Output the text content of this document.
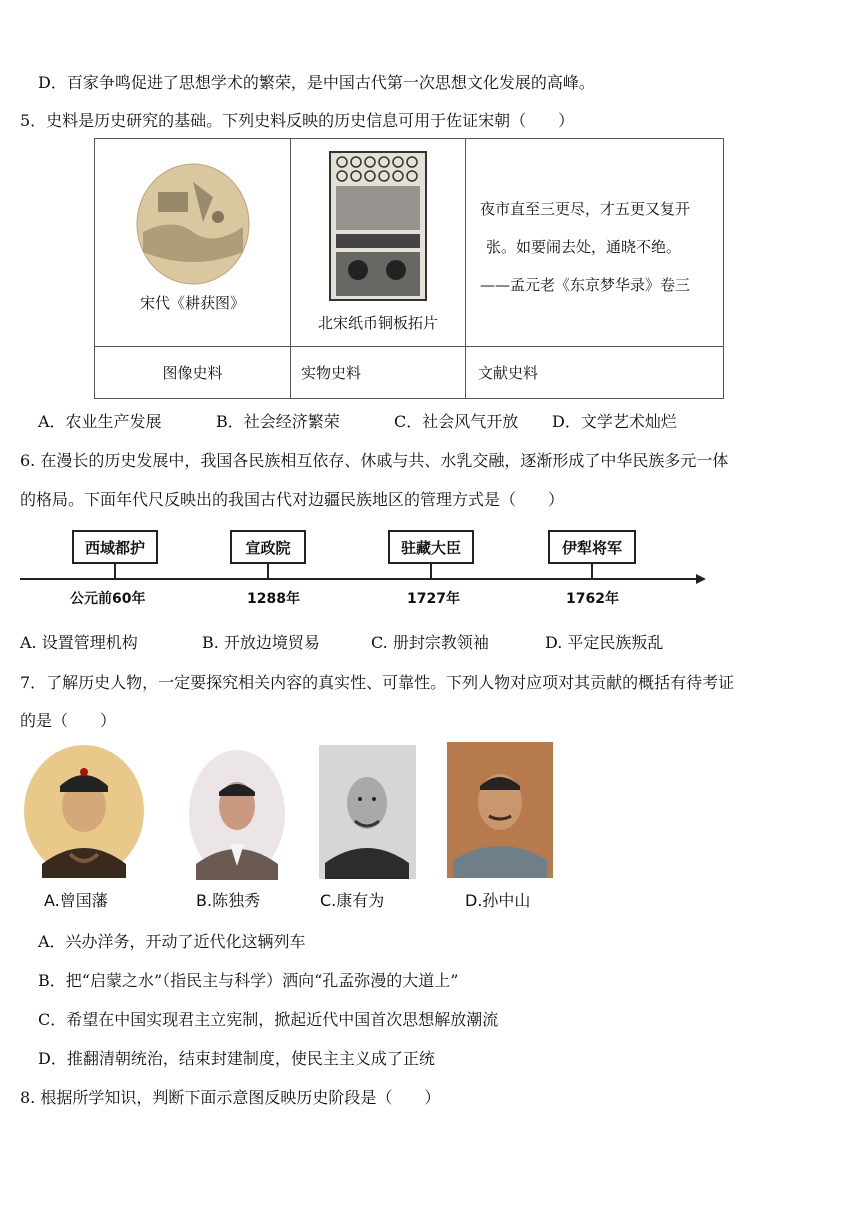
D．百家争鸣促进了思想学术的繁荣，是中国古代第一次思想文化发展的高峰。
5．史料是历史研究的基础。下列史料反映的历史信息可用于佐证宋朝（　　）
宋代《耕获图》	北宋纸币铜板拓片	夜市直至三更尽，才五更又复开
张。如要闹去处，通晓不绝。
——孟元老《东京梦华录》卷三

图像史料	实物史料	文献史料
A．农业生产发展	B．社会经济繁荣	C．社会风气开放 D．文学艺术灿烂
6. 在漫长的历史发展中，我国各民族相互依存、休戚与共、水乳交融，逐渐形成了中华民族多元一体
的格局。下面年代尺反映出的我国古代对边疆民族地区的管理方式是（　　）
西域都护	宣政院	驻藏大臣	伊犁将军
公元前60年	1288年	1727年	1762年
A. 设置管理机构	B. 开放边境贸易	C. 册封宗教领袖	D. 平定民族叛乱
7．了解历史人物，一定要探究相关内容的真实性、可靠性。下列人物对应项对其贡献的概括有待考证
的是（　　）
A.曾国藩	B.陈独秀	C.康有为	D.孙中山
A．兴办洋务，开动了近代化这辆列车
B．把“启蒙之水”（指民主与科学）洒向“孔孟弥漫的大道上”
C．希望在中国实现君主立宪制，掀起近代中国首次思想解放潮流
D．推翻清朝统治，结束封建制度，使民主主义成了正统
8. 根据所学知识，判断下面示意图反映历史阶段是（　　）
